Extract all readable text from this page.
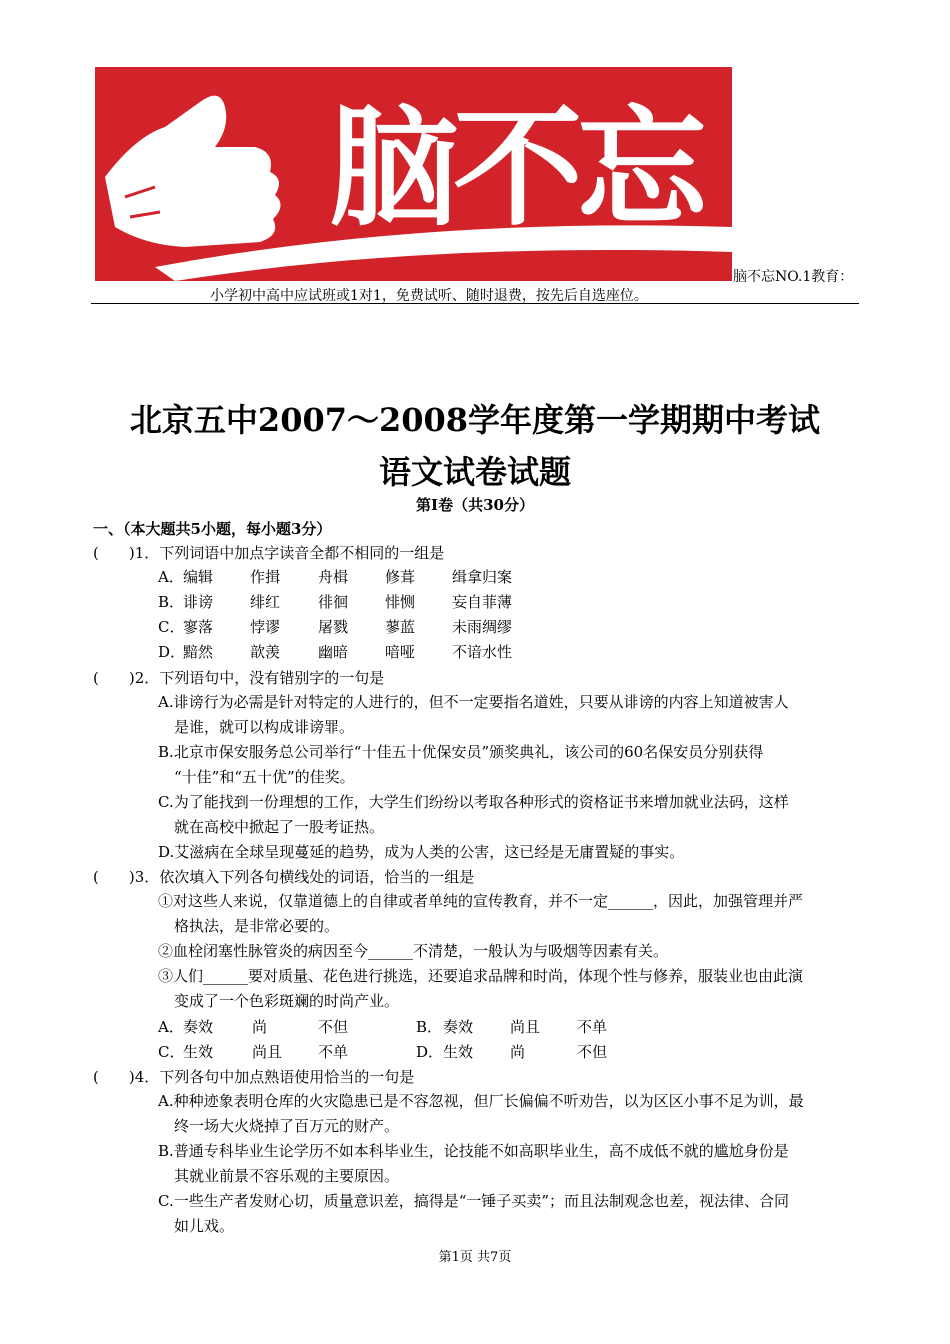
脑不忘
脑不忘NO.1教育：
小学初中高中应试班或1对1，免费试听、随时退费，按先后自选座位。
北京五中2007～2008学年度第一学期期中考试
语文试卷试题
第Ⅰ卷（共30分）
一、（本大题共5小题，每小题3分）
(　　)1．下列词语中加点字读音全都不相同的一组是
A． 编辑 作揖	舟楫 修葺 缉拿归案
B．
诽谤 绯红	徘徊 悱恻 妄自菲薄
C．
寥落 悖谬	屠戮 蓼蓝 未雨绸缪
D．
黯然 歆羡	幽暗 喑哑 不谙水性
(　　)2．下列语句中，没有错别字的一句是
A.诽谤行为必需是针对特定的人进行的，但不一定要指名道姓，只要从诽谤的内容上知道被害人
是谁，就可以构成诽谤罪。
B.北京市保安服务总公司举行“十佳五十优保安员”颁奖典礼，该公司的60名保安员分别获得
“十佳”和“五十优”的佳奖。
C.为了能找到一份理想的工作，大学生们纷纷以考取各种形式的资格证书来增加就业法码，这样
就在高校中掀起了一股考证热。
D.艾滋病在全球呈现蔓延的趋势，成为人类的公害，这已经是无庸置疑的事实。
(　　)3．依次填入下列各句横线处的词语，恰当的一组是
①对这些人来说，仅靠道德上的自律或者单纯的宣传教育，并不一定______，因此，加强管理并严
格执法，是非常必要的。
②血栓闭塞性脉管炎的病因至今______不清楚，一般认为与吸烟等因素有关。
③人们______要对质量、花色进行挑选，还要追求品牌和时尚，体现个性与修养，服装业也由此演
变成了一个色彩斑斓的时尚产业。
A． 奏效	尚	不但	B． 奏效 尚且 不单
C．
生效	尚且 不单	D． 生效 尚	不但
(　　)4．下列各句中加点熟语使用恰当的一句是
A.种种迹象表明仓库的火灾隐患已是不容忽视，但厂长偏偏不听劝告，以为区区小事不足为训，最
终一场大火烧掉了百万元的财产。
B.普通专科毕业生论学历不如本科毕业生，论技能不如高职毕业生，高不成低不就的尴尬身份是
其就业前景不容乐观的主要原因。
C.一些生产者发财心切，质量意识差，搞得是“一锤子买卖”；而且法制观念也差，视法律、合同
如儿戏。
第1页 共7页
